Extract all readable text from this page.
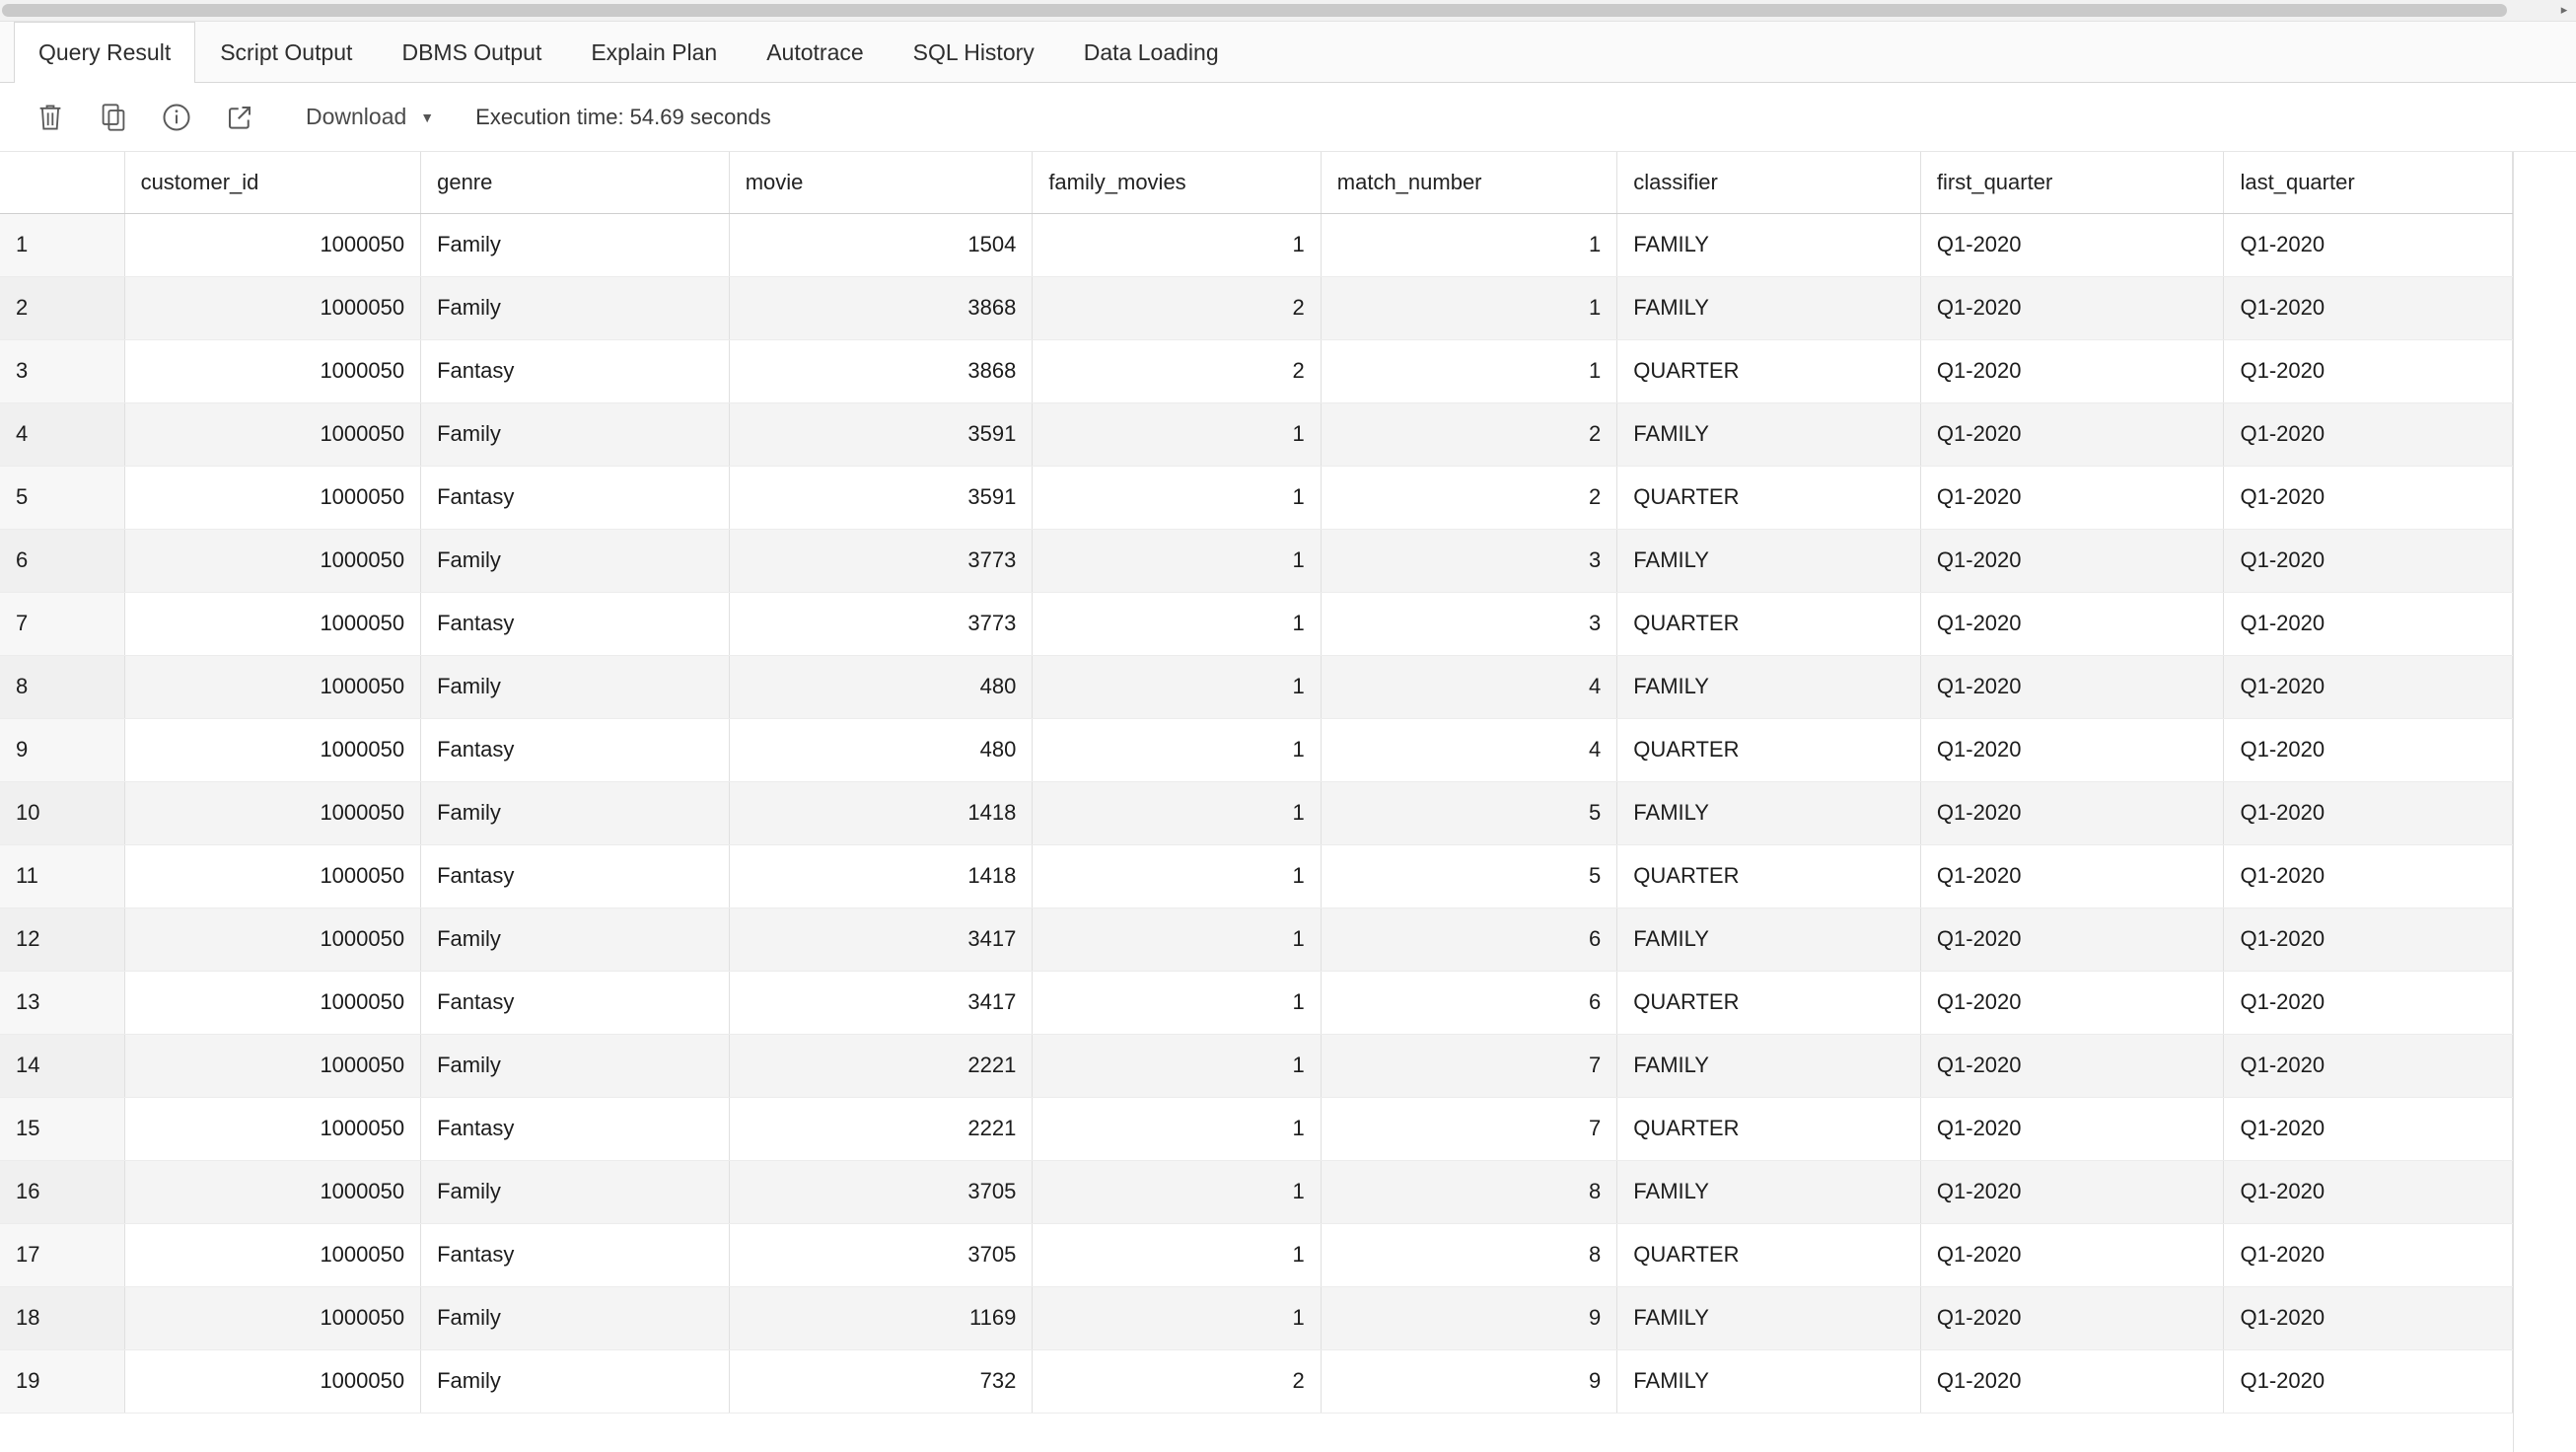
▸
Query Result Script Output DBMS Output Explain Plan Autotrace SQL History Data Loading
Download ▼ Execution time: 54.69 seconds
	customer_id	genre	movie	family_movies	match_number	classifier	first_quarter	last_quarter
1	1000050	Family	1504	1	1	FAMILY	Q1-2020	Q1-2020
2	1000050	Family	3868	2	1	FAMILY	Q1-2020	Q1-2020
3	1000050	Fantasy	3868	2	1	QUARTER	Q1-2020	Q1-2020
4	1000050	Family	3591	1	2	FAMILY	Q1-2020	Q1-2020
5	1000050	Fantasy	3591	1	2	QUARTER	Q1-2020	Q1-2020
6	1000050	Family	3773	1	3	FAMILY	Q1-2020	Q1-2020
7	1000050	Fantasy	3773	1	3	QUARTER	Q1-2020	Q1-2020
8	1000050	Family	480	1	4	FAMILY	Q1-2020	Q1-2020
9	1000050	Fantasy	480	1	4	QUARTER	Q1-2020	Q1-2020
10	1000050	Family	1418	1	5	FAMILY	Q1-2020	Q1-2020
11	1000050	Fantasy	1418	1	5	QUARTER	Q1-2020	Q1-2020
12	1000050	Family	3417	1	6	FAMILY	Q1-2020	Q1-2020
13	1000050	Fantasy	3417	1	6	QUARTER	Q1-2020	Q1-2020
14	1000050	Family	2221	1	7	FAMILY	Q1-2020	Q1-2020
15	1000050	Fantasy	2221	1	7	QUARTER	Q1-2020	Q1-2020
16	1000050	Family	3705	1	8	FAMILY	Q1-2020	Q1-2020
17	1000050	Fantasy	3705	1	8	QUARTER	Q1-2020	Q1-2020
18	1000050	Family	1169	1	9	FAMILY	Q1-2020	Q1-2020
19	1000050	Family	732	2	9	FAMILY	Q1-2020	Q1-2020
